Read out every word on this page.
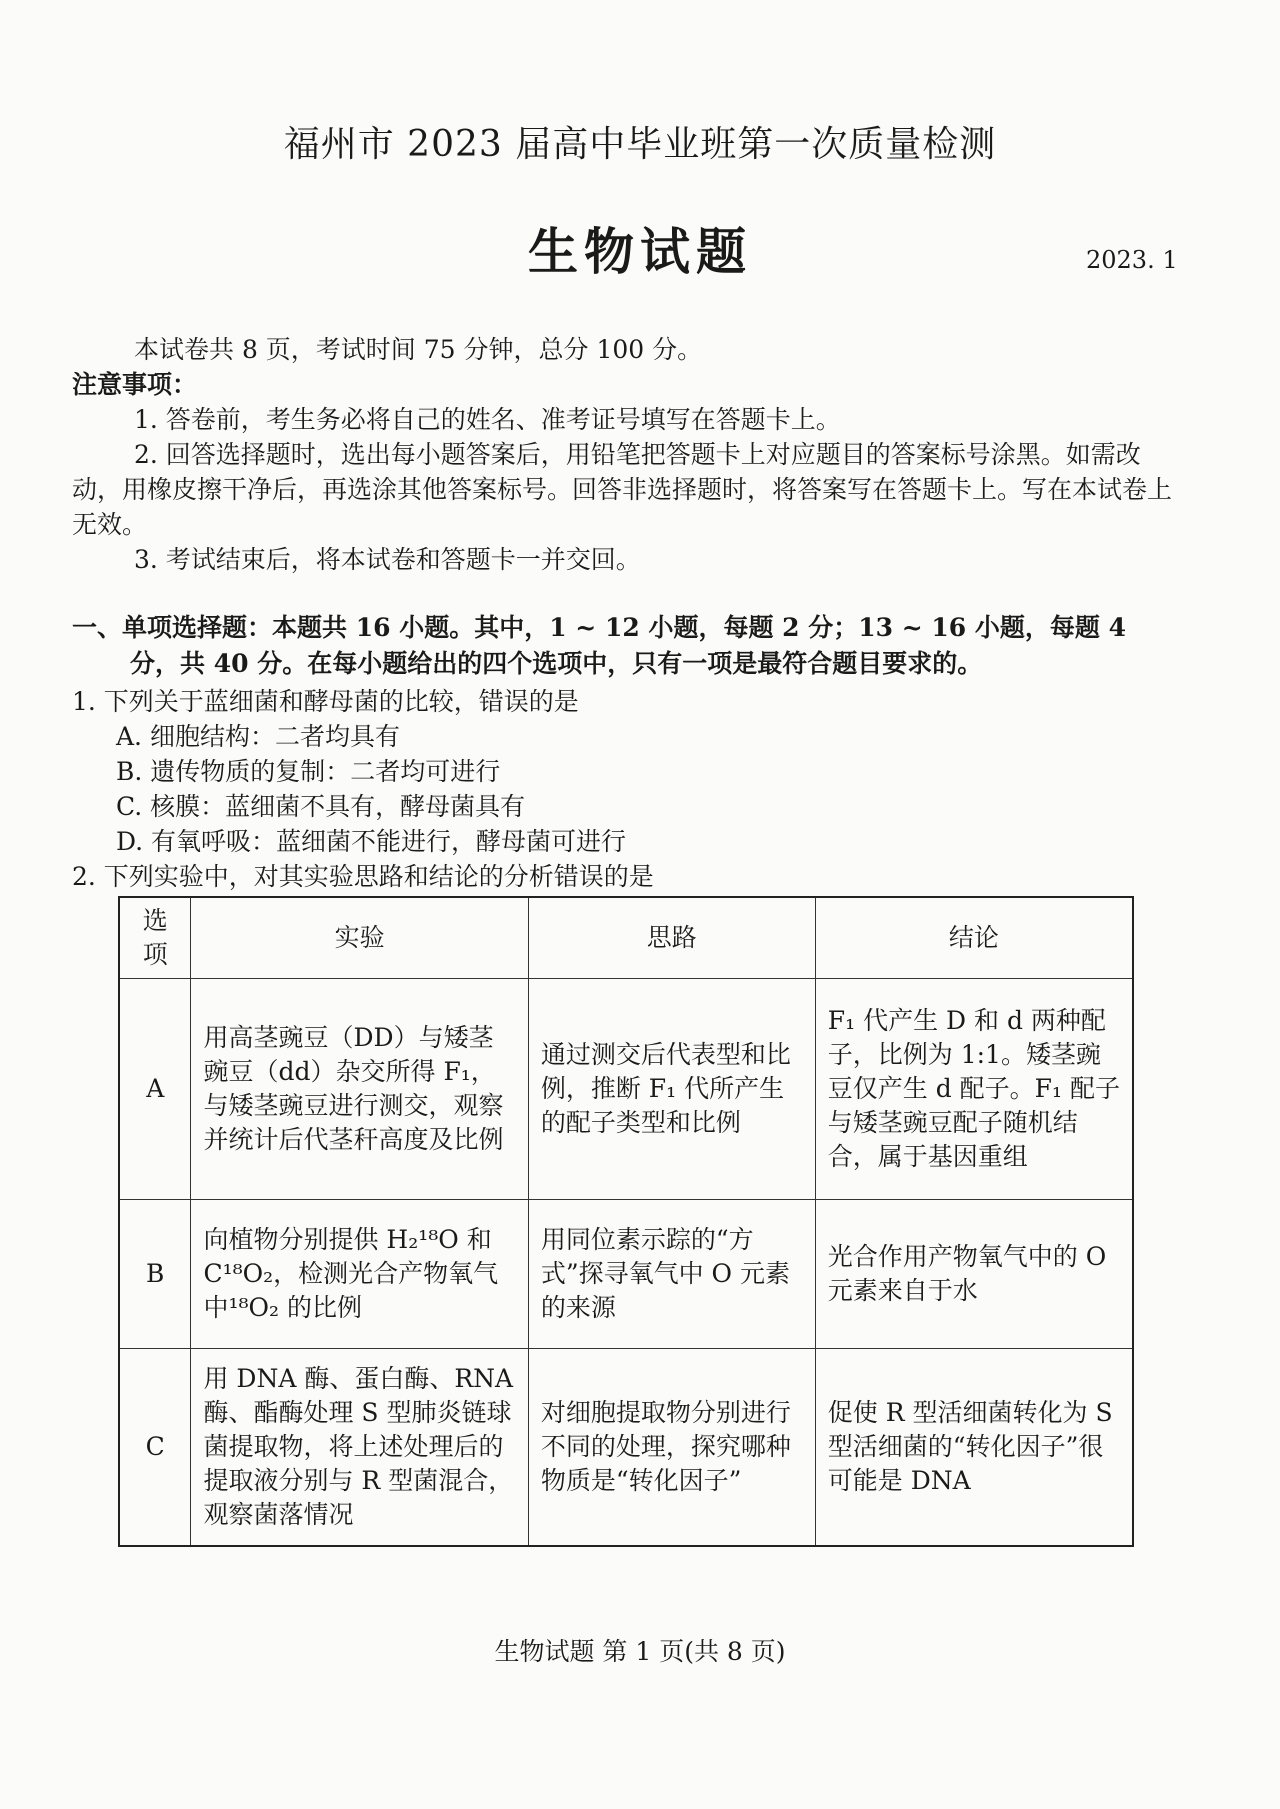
福州市 2023 届高中毕业班第一次质量检测
生物试题	2023. 1

本试卷共 8 页，考试时间 75 分钟，总分 100 分。

注意事项：

1. 答卷前，考生务必将自己的姓名、准考证号填写在答题卡上。

2. 回答选择题时，选出每小题答案后，用铅笔把答题卡上对应题目的答案标号涂黑。如需改动，用橡皮擦干净后，再选涂其他答案标号。回答非选择题时，将答案写在答题卡上。写在本试卷上无效。

3. 考试结束后，将本试卷和答题卡一并交回。

一、单项选择题：本题共 16 小题。其中，1 ~ 12 小题，每题 2 分；13 ~ 16 小题，每题 4
分，共 40 分。在每小题给出的四个选项中，只有一项是最符合题目要求的。

1. 下列关于蓝细菌和酵母菌的比较，错误的是

A. 细胞结构：二者均具有

B. 遗传物质的复制：二者均可进行

C. 核膜：蓝细菌不具有，酵母菌具有

D. 有氧呼吸：蓝细菌不能进行，酵母菌可进行

2. 下列实验中，对其实验思路和结论的分析错误的是

选项	实验	思路	结论
A	用高茎豌豆（DD）与矮茎豌豆（dd）杂交所得 F₁，与矮茎豌豆进行测交，观察并统计后代茎秆高度及比例	通过测交后代表型和比例，推断 F₁ 代所产生的配子类型和比例	F₁ 代产生 D 和 d 两种配子，比例为 1:1。矮茎豌豆仅产生 d 配子。F₁ 配子与矮茎豌豆配子随机结合，属于基因重组
B	向植物分别提供 H₂¹⁸O 和 C¹⁸O₂，检测光合产物氧气中¹⁸O₂ 的比例	用同位素示踪的“方式”探寻氧气中 O 元素的来源	光合作用产物氧气中的 O 元素来自于水
C	用 DNA 酶、蛋白酶、RNA 酶、酯酶处理 S 型肺炎链球菌提取物，将上述处理后的提取液分别与 R 型菌混合，观察菌落情况	对细胞提取物分别进行不同的处理，探究哪种物质是“转化因子”	促使 R 型活细菌转化为 S 型活细菌的“转化因子”很可能是 DNA
生物试题 第 1 页(共 8 页)
